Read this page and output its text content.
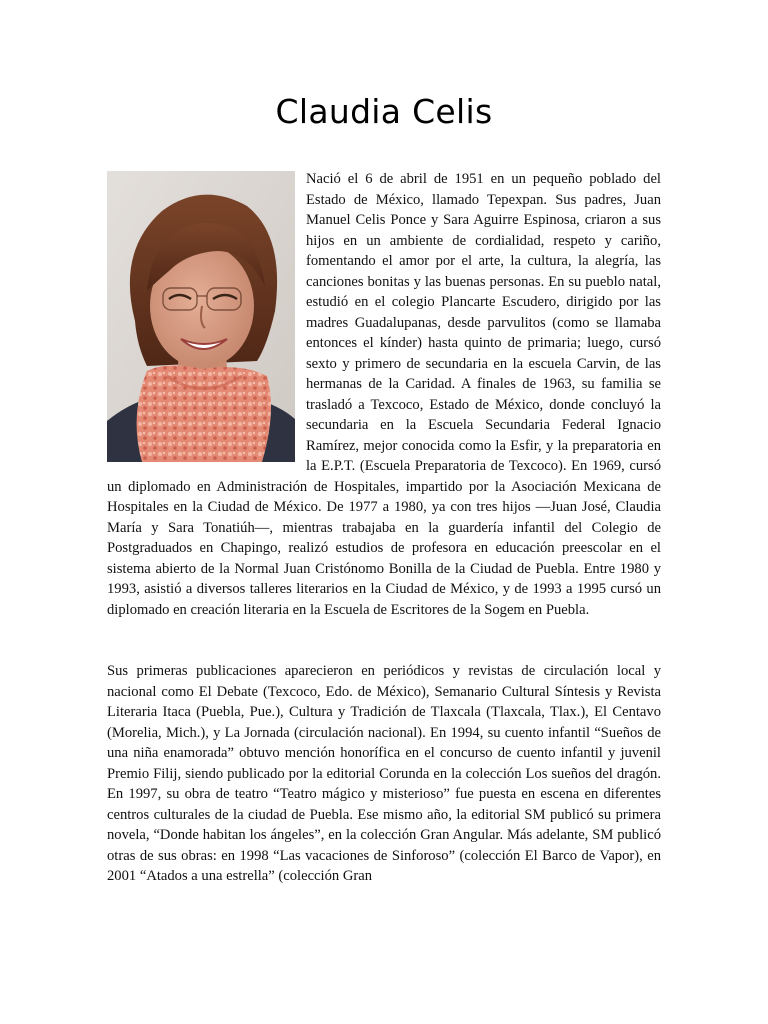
Claudia Celis

Nació el 6 de abril de 1951 en un pequeño poblado del Estado de México, llamado Tepexpan. Sus padres, Juan Manuel Celis Ponce y Sara Aguirre Espinosa, criaron a sus hijos en un ambiente de cordialidad, respeto y cariño, fomentando el amor por el arte, la cultura, la alegría, las canciones bonitas y las buenas personas. En su pueblo natal, estudió en el colegio Plancarte Escudero, dirigido por las madres Guadalupanas, desde parvulitos (como se llamaba entonces el kínder) hasta quinto de primaria; luego, cursó sexto y primero de secundaria en la escuela Carvin, de las hermanas de la Caridad. A finales de 1963, su familia se trasladó a Texcoco, Estado de México, donde concluyó la secundaria en la Escuela Secundaria Federal Ignacio Ramírez, mejor conocida como la Esfir, y la preparatoria en la E.P.T. (Escuela Preparatoria de Texcoco). En 1969, cursó un diplomado en Administración de Hospitales, impartido por la Asociación Mexicana de Hospitales en la Ciudad de México. De 1977 a 1980, ya con tres hijos —Juan José, Claudia María y Sara Tonatiúh—, mientras trabajaba en la guardería infantil del Colegio de Postgraduados en Chapingo, realizó estudios de profesora en educación preescolar en el sistema abierto de la Normal Juan Cristónomo Bonilla de la Ciudad de Puebla. Entre 1980 y 1993, asistió a diversos talleres literarios en la Ciudad de México, y de 1993 a 1995 cursó un diplomado en creación literaria en la Escuela de Escritores de la Sogem en Puebla.

Sus primeras publicaciones aparecieron en periódicos y revistas de circulación local y nacional como El Debate (Texcoco, Edo. de México), Semanario Cultural Síntesis y Revista Literaria Itaca (Puebla, Pue.), Cultura y Tradición de Tlaxcala (Tlaxcala, Tlax.), El Centavo (Morelia, Mich.), y La Jornada (circulación nacional). En 1994, su cuento infantil “Sueños de una niña enamorada” obtuvo mención honorífica en el concurso de cuento infantil y juvenil Premio Filij, siendo publicado por la editorial Corunda en la colección Los sueños del dragón. En 1997, su obra de teatro “Teatro mágico y misterioso” fue puesta en escena en diferentes centros culturales de la ciudad de Puebla. Ese mismo año, la editorial SM publicó su primera novela, “Donde habitan los ángeles”, en la colección Gran Angular. Más adelante, SM publicó otras de sus obras: en 1998 “Las vacaciones de Sinforoso” (colección El Barco de Vapor), en 2001 “Atados a una estrella” (colección Gran
